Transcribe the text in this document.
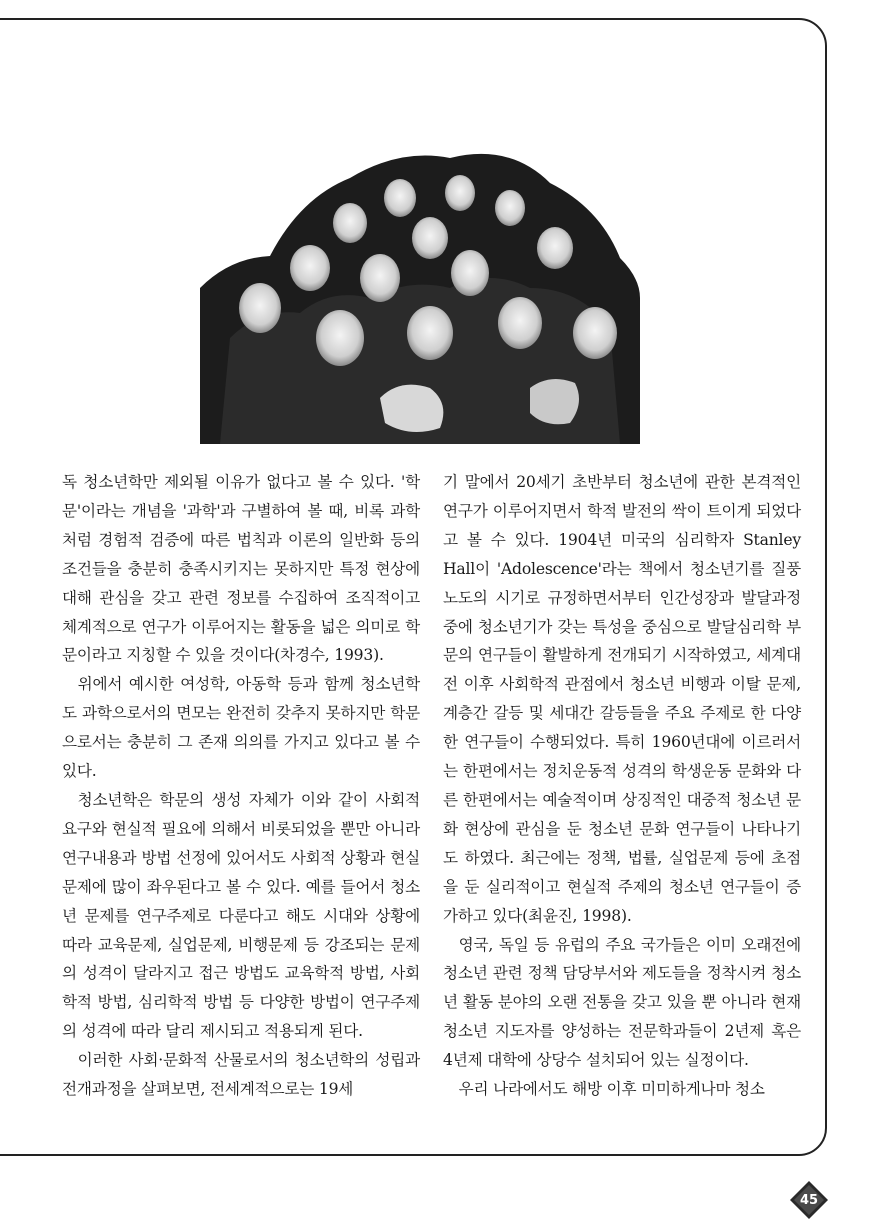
독 청소년학만 제외될 이유가 없다고 볼 수 있다. '학문'이라는 개념을 '과학'과 구별하여 볼 때, 비록 과학처럼 경험적 검증에 따른 법칙과 이론의 일반화 등의 조건들을 충분히 충족시키지는 못하지만 특정 현상에 대해 관심을 갖고 관련 정보를 수집하여 조직적이고 체계적으로 연구가 이루어지는 활동을 넓은 의미로 학문이라고 지칭할 수 있을 것이다(차경수, 1993).

위에서 예시한 여성학, 아동학 등과 함께 청소년학도 과학으로서의 면모는 완전히 갖추지 못하지만 학문으로서는 충분히 그 존재 의의를 가지고 있다고 볼 수 있다.

청소년학은 학문의 생성 자체가 이와 같이 사회적 요구와 현실적 필요에 의해서 비롯되었을 뿐만 아니라 연구내용과 방법 선정에 있어서도 사회적 상황과 현실문제에 많이 좌우된다고 볼 수 있다. 예를 들어서 청소년 문제를 연구주제로 다룬다고 해도 시대와 상황에 따라 교육문제, 실업문제, 비행문제 등 강조되는 문제의 성격이 달라지고 접근 방법도 교육학적 방법, 사회학적 방법, 심리학적 방법 등 다양한 방법이 연구주제의 성격에 따라 달리 제시되고 적용되게 된다.

이러한 사회·문화적 산물로서의 청소년학의 성립과 전개과정을 살펴보면, 전세계적으로는 19세

기 말에서 20세기 초반부터 청소년에 관한 본격적인 연구가 이루어지면서 학적 발전의 싹이 트이게 되었다고 볼 수 있다. 1904년 미국의 심리학자 Stanley Hall이 'Adolescence'라는 책에서 청소년기를 질풍노도의 시기로 규정하면서부터 인간성장과 발달과정 중에 청소년기가 갖는 특성을 중심으로 발달심리학 부문의 연구들이 활발하게 전개되기 시작하였고, 세계대전 이후 사회학적 관점에서 청소년 비행과 이탈 문제, 계층간 갈등 및 세대간 갈등들을 주요 주제로 한 다양한 연구들이 수행되었다. 특히 1960년대에 이르러서는 한편에서는 정치운동적 성격의 학생운동 문화와 다른 한편에서는 예술적이며 상징적인 대중적 청소년 문화 현상에 관심을 둔 청소년 문화 연구들이 나타나기도 하였다. 최근에는 정책, 법률, 실업문제 등에 초점을 둔 실리적이고 현실적 주제의 청소년 연구들이 증가하고 있다(최윤진, 1998).

영국, 독일 등 유럽의 주요 국가들은 이미 오래전에 청소년 관련 정책 담당부서와 제도들을 정착시켜 청소년 활동 분야의 오랜 전통을 갖고 있을 뿐 아니라 현재 청소년 지도자를 양성하는 전문학과들이 2년제 혹은 4년제 대학에 상당수 설치되어 있는 실정이다.

우리 나라에서도 해방 이후 미미하게나마 청소

45
